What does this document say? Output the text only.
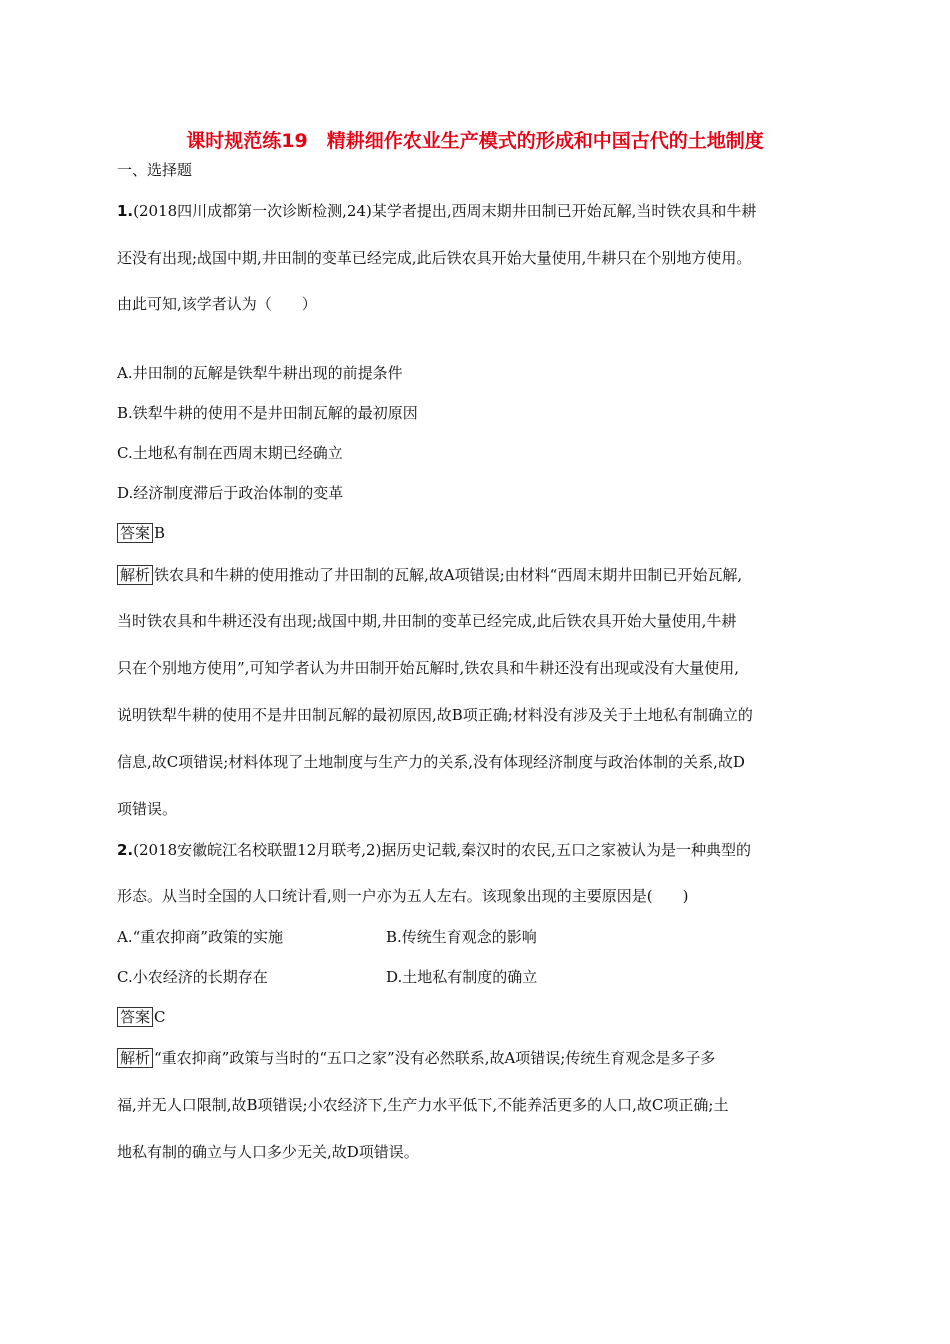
课时规范练19　精耕细作农业生产模式的形成和中国古代的土地制度
一、选择题
1.(2018四川成都第一次诊断检测,24)某学者提出,西周末期井田制已开始瓦解,当时铁农具和牛耕
还没有出现;战国中期,井田制的变革已经完成,此后铁农具开始大量使用,牛耕只在个别地方使用。
由此可知,该学者认为（　　）
A.井田制的瓦解是铁犁牛耕出现的前提条件
B.铁犁牛耕的使用不是井田制瓦解的最初原因
C.土地私有制在西周末期已经确立
D.经济制度滞后于政治体制的变革
答案 B
解析 铁农具和牛耕的使用推动了井田制的瓦解,故A项错误;由材料“西周末期井田制已开始瓦解,
当时铁农具和牛耕还没有出现;战国中期,井田制的变革已经完成,此后铁农具开始大量使用,牛耕
只在个别地方使用”,可知学者认为井田制开始瓦解时,铁农具和牛耕还没有出现或没有大量使用,
说明铁犁牛耕的使用不是井田制瓦解的最初原因,故B项正确;材料没有涉及关于土地私有制确立的
信息,故C项错误;材料体现了土地制度与生产力的关系,没有体现经济制度与政治体制的关系,故D
项错误。
2.(2018安徽皖江名校联盟12月联考,2)据历史记载,秦汉时的农民,五口之家被认为是一种典型的
形态。从当时全国的人口统计看,则一户亦为五人左右。该现象出现的主要原因是(　　)
A.“重农抑商”政策的实施	B.传统生育观念的影响
C.小农经济的长期存在	D.土地私有制度的确立
答案 C
解析 “重农抑商”政策与当时的“五口之家”没有必然联系,故A项错误;传统生育观念是多子多
福,并无人口限制,故B项错误;小农经济下,生产力水平低下,不能养活更多的人口,故C项正确;土
地私有制的确立与人口多少无关,故D项错误。
